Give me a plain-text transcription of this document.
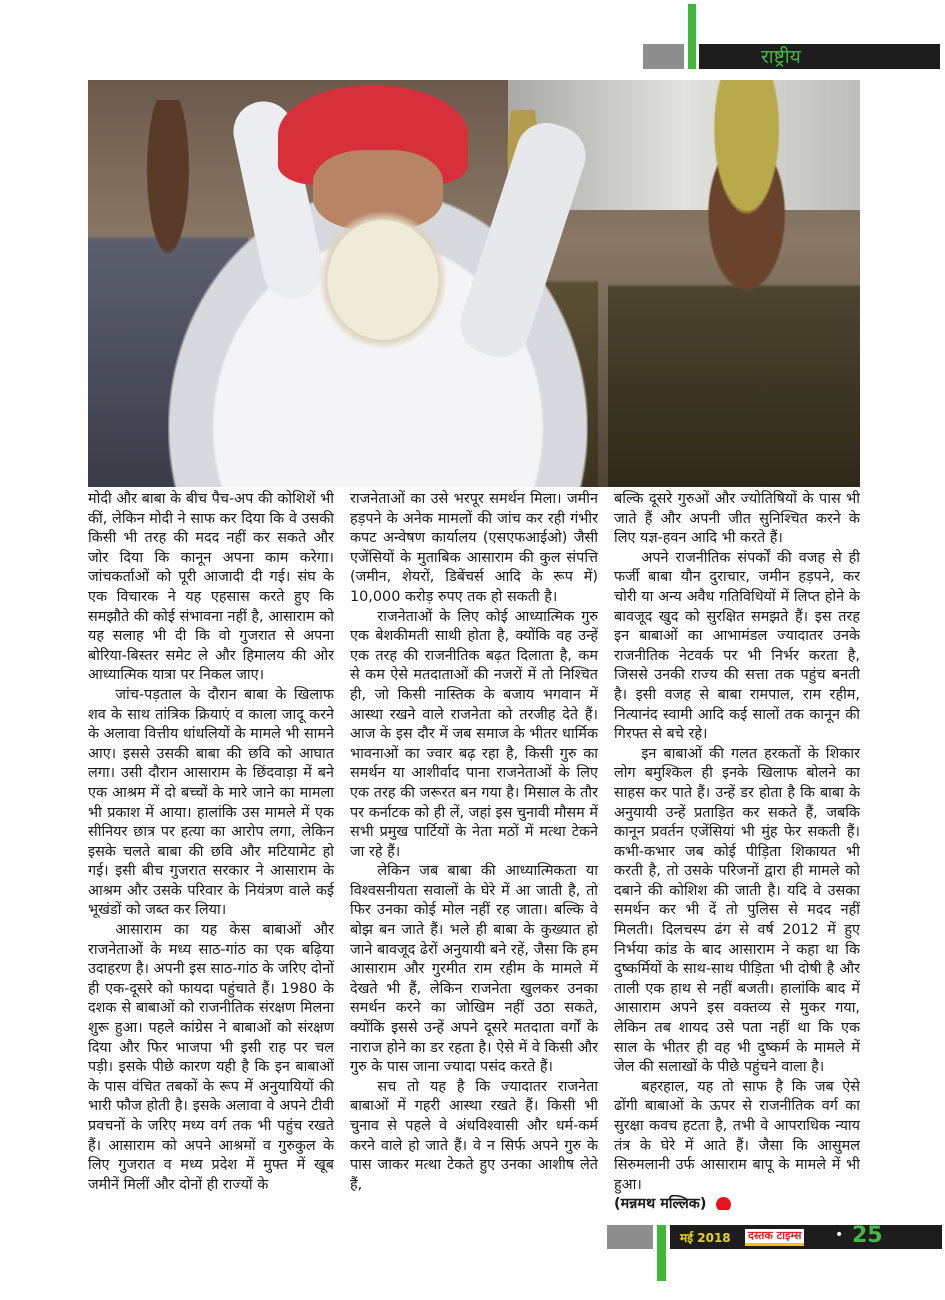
राष्ट्रीय

मोदी और बाबा के बीच पैच-अप की कोशिशें भी कीं, लेकिन मोदी ने साफ कर दिया कि वे उसकी किसी भी तरह की मदद नहीं कर सकते और जोर दिया कि कानून अपना काम करेगा। जांचकर्ताओं को पूरी आजादी दी गई। संघ के एक विचारक ने यह एहसास करते हुए कि समझौते की कोई संभावना नहीं है, आसाराम को यह सलाह भी दी कि वो गुजरात से अपना बोरिया-बिस्तर समेट ले और हिमालय की ओर आध्यात्मिक यात्रा पर निकल जाए।

जांच-पड़ताल के दौरान बाबा के खिलाफ शव के साथ तांत्रिक क्रियाएं व काला जादू करने के अलावा वित्तीय धांधलियों के मामले भी सामने आए। इससे उसकी बाबा की छवि को आघात लगा। उसी दौरान आसाराम के छिंदवाड़ा में बने एक आश्रम में दो बच्चों के मारे जाने का मामला भी प्रकाश में आया। हालांकि उस मामले में एक सीनियर छात्र पर हत्या का आरोप लगा, लेकिन इसके चलते बाबा की छवि और मटियामेट हो गई। इसी बीच गुजरात सरकार ने आसाराम के आश्रम और उसके परिवार के नियंत्रण वाले कई भूखंडों को जब्त कर लिया।

आसाराम का यह केस बाबाओं और राजनेताओं के मध्य साठ-गांठ का एक बढ़िया उदाहरण है। अपनी इस साठ-गांठ के जरिए दोनों ही एक-दूसरे को फायदा पहुंचाते हैं। 1980 के दशक से बाबाओं को राजनीतिक संरक्षण मिलना शुरू हुआ। पहले कांग्रेस ने बाबाओं को संरक्षण दिया और फिर भाजपा भी इसी राह पर चल पड़ी। इसके पीछे कारण यही है कि इन बाबाओं के पास वंचित तबकों के रूप में अनुयायियों की भारी फौज होती है। इसके अलावा वे अपने टीवी प्रवचनों के जरिए मध्य वर्ग तक भी पहुंच रखते हैं। आसाराम को अपने आश्रमों व गुरुकुल के लिए गुजरात व मध्य प्रदेश में मुफ्त में खूब जमीनें मिलीं और दोनों ही राज्यों के

राजनेताओं का उसे भरपूर समर्थन मिला। जमीन हड़पने के अनेक मामलों की जांच कर रही गंभीर कपट अन्वेषण कार्यालय (एसएफआईओ) जैसी एजेंसियों के मुताबिक आसाराम की कुल संपत्ति (जमीन, शेयरों, डिबेंचर्स आदि के रूप में) 10,000 करोड़ रुपए तक हो सकती है।

राजनेताओं के लिए कोई आध्यात्मिक गुरु एक बेशकीमती साथी होता है, क्योंकि वह उन्हें एक तरह की राजनीतिक बढ़त दिलाता है, कम से कम ऐसे मतदाताओं की नजरों में तो निश्चित ही, जो किसी नास्तिक के बजाय भगवान में आस्था रखने वाले राजनेता को तरजीह देते हैं। आज के इस दौर में जब समाज के भीतर धार्मिक भावनाओं का ज्वार बढ़ रहा है, किसी गुरु का समर्थन या आशीर्वाद पाना राजनेताओं के लिए एक तरह की जरूरत बन गया है। मिसाल के तौर पर कर्नाटक को ही लें, जहां इस चुनावी मौसम में सभी प्रमुख पार्टियों के नेता मठों में मत्था टेकने जा रहे हैं।

लेकिन जब बाबा की आध्यात्मिकता या विश्वसनीयता सवालों के घेरे में आ जाती है, तो फिर उनका कोई मोल नहीं रह जाता। बल्कि वे बोझ बन जाते हैं। भले ही बाबा के कुख्यात हो जाने बावजूद ढेरों अनुयायी बने रहें, जैसा कि हम आसाराम और गुरमीत राम रहीम के मामले में देखते भी हैं, लेकिन राजनेता खुलकर उनका समर्थन करने का जोखिम नहीं उठा सकते, क्योंकि इससे उन्हें अपने दूसरे मतदाता वर्गों के नाराज होने का डर रहता है। ऐसे में वे किसी और गुरु के पास जाना ज्यादा पसंद करते हैं।

सच तो यह है कि ज्यादातर राजनेता बाबाओं में गहरी आस्था रखते हैं। किसी भी चुनाव से पहले वे अंधविश्वासी और धर्म-कर्म करने वाले हो जाते हैं। वे न सिर्फ अपने गुरु के पास जाकर मत्था टेकते हुए उनका आशीष लेते हैं,

बल्कि दूसरे गुरुओं और ज्योतिषियों के पास भी जाते हैं और अपनी जीत सुनिश्चित करने के लिए यज्ञ-हवन आदि भी करते हैं।

अपने राजनीतिक संपर्कों की वजह से ही फर्जी बाबा यौन दुराचार, जमीन हड़पने, कर चोरी या अन्य अवैध गतिविधियों में लिप्त होने के बावजूद खुद को सुरक्षित समझते हैं। इस तरह इन बाबाओं का आभामंडल ज्यादातर उनके राजनीतिक नेटवर्क पर भी निर्भर करता है, जिससे उनकी राज्य की सत्ता तक पहुंच बनती है। इसी वजह से बाबा रामपाल, राम रहीम, नित्यानंद स्वामी आदि कई सालों तक कानून की गिरफ्त से बचे रहे।

इन बाबाओं की गलत हरकतों के शिकार लोग बमुश्किल ही इनके खिलाफ बोलने का साहस कर पाते हैं। उन्हें डर होता है कि बाबा के अनुयायी उन्हें प्रताड़ित कर सकते हैं, जबकि कानून प्रवर्तन एजेंसियां भी मुंह फेर सकती हैं। कभी-कभार जब कोई पीड़िता शिकायत भी करती है, तो उसके परिजनों द्वारा ही मामले को दबाने की कोशिश की जाती है। यदि वे उसका समर्थन कर भी दें तो पुलिस से मदद नहीं मिलती। दिलचस्प ढंग से वर्ष 2012 में हुए निर्भया कांड के बाद आसाराम ने कहा था कि दुष्कर्मियों के साथ-साथ पीड़िता भी दोषी है और ताली एक हाथ से नहीं बजती। हालांकि बाद में आसाराम अपने इस वक्तव्य से मुकर गया, लेकिन तब शायद उसे पता नहीं था कि एक साल के भीतर ही वह भी दुष्कर्म के मामले में जेल की सलाखों के पीछे पहुंचने वाला है।

बहरहाल, यह तो साफ है कि जब ऐसे ढोंगी बाबाओं के ऊपर से राजनीतिक वर्ग का सुरक्षा कवच हटता है, तभी वे आपराधिक न्याय तंत्र के घेरे में आते हैं। जैसा कि आसुमल सिरुमलानी उर्फ आसाराम बापू के मामले में भी हुआ।

(मन्नमथ मल्लिक)

मई 2018 दस्तक टाइम्स • 25
